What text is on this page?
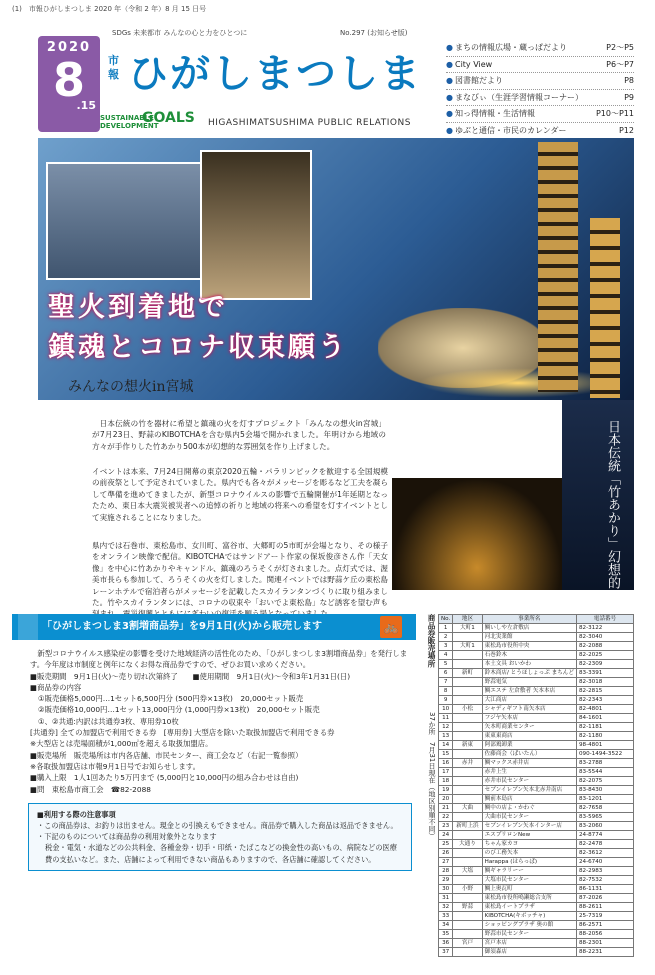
(1)　市報ひがしまつしま 2020 年（令和 2 年）8 月 15 日号
2020
8
.15
SDGs 未来都市 みんなの心と力をひとつに	No.297 (お知らせ版)
市報 ひがしまつしま
SUSTAINABLE
DEVELOPMENT
GOALS HIGASHIMATSUSHIMA PUBLIC RELATIONS
● まちの情報広場・蔵っぱだより	P2～P5
● City View	P6～P7
● 図書館だより	P8
● まなびぃ（生涯学習情報コーナー）	P9
● 知っ得情報・生活情報	P10～P11
● ゆぶと通信・市民のカレンダー	P12
聖火到着地で
鎮魂とコロナ収束願う
みんなの想火in宮城
日本伝統「竹あかり」幻想的に

日本伝統の竹を器材に希望と鎮魂の火を灯すプロジェクト「みんなの想火in宮城」が7月23日、野蒜のKIBOTCHAを含む県内5会場で開かれました。年明けから地域の方々が手作りした竹あかり500本が幻想的な雰囲気を作り上げました。

イベントは本来、7月24日開幕の東京2020五輪・パラリンピックを歓迎する全国規模の前夜祭として予定されていました。県内でも各々がメッセージを彫るなど工夫を凝らして準備を進めてきましたが、新型コロナウイルスの影響で五輪開催が1年延期となったため、東日本大震災被災者への追悼の祈りと地域の将来への希望を灯すイベントとして実施されることになりました。

県内では石巻市、東松島市、女川町、富谷市、大郷町の5市町が会場となり、その様子をオンライン映像で配信。KIBOTCHAではサンドアート作家の保坂俊彦さん作「天女像」を中心に竹あかりやキャンドル、鎮魂のろうそくが灯されました。点灯式では、渥美市長らも参加して、ろうそくの火を灯しました。関連イベントでは野蒜ケ丘の東松島レーンホテルで宿泊者らがメッセージを記載したスカイランタンづくりに取り組みました。竹やスカイランタンには、コロナの収束や「おいでよ東松島」など誘客を望む声も

「ひがしまつしま3割増商品券」を9月1日(火)から販売します	🚲
新型コロナウイルス感染症の影響を受けた地域経済の活性化のため、「ひがしまつしま3割増商品券」を発行します。今年度は市制度と例年になくお得な商品券ですので、ぜひお買い求めください。
■販売期間　9月1日(火)～売り切れ次第終了　　■使用期間　9月1日(火)～令和3年1月31日(日)
■商品券の内容
①販売価格5,000円…1セット6,500円分 (500円券×13枚)　20,000セット販売
②販売価格10,000円…1セット13,000円分 (1,000円券×13枚)　20,000セット販売
①、②共通:内訳は共通券3枚、専用券10枚
[共通券] 全ての加盟店で利用できる券　[専用券] 大型店を除いた取扱加盟店で利用できる券
※大型店とは売場面積が1,000㎡を超える取扱加盟店。
■販売場所　販売場所は市内各店舗、市民センター、商工会など（右記一覧参照）
※各取扱加盟店は市報9月1日号でお知らせします。
■購入上限　1人1回あたり5万円まで (5,000円と10,000円の組み合わせは自由)
■問　東松島市商工会　☎82-2088
■利用する際の注意事項
・この商品券は、お釣りは出ません。現金との引換えもできません。商品券で購入した商品は返品できません。
・下記のものについては商品券の利用対象外となります
税金・電気・水道などの公共料金、各種金券・切手・印紙・たばこなどの換金性の高いもの、病院などの医療費の支払いなど。また、店舗によって利用できない商品もありますので、各店舗に確認してください。
商品券販売場所
37か所　7月31日現在（地区別順不同）
No.	地区	事業所名	電話番号
1	大町1	鯛いしや左倉敷店	82-3122
2		河北実業館	82-3040
3	大町1	東松島市役所中央	82-2088
4		石巻鈴木	82-2025
5		本土文具 おいかわ	82-2309
6	新町	鈴木商店/ とうほしょっぷ まちんど	83-3391
7		野蒜電気	82-3018
8		鯛エステ 左倉敷者 矢本本店	82-2815
9		大江商店	82-2343
10	小松	シャディギフト南矢本店	82-4801
11		フジヤ矢本店	84-1601
12		矢本町商業センター	82-1181
13		東東東商店	82-1180
14	新東	阿部鶏卸業	98-4801
15		佐藤商会（ぱいたん）	090-1494-3522
16	赤井	鯛マックス赤井店	83-2788
17		赤井上生	83-5544
18		赤井市民センター	82-2075
19		セブンイレブン矢本北赤井南店	83-8430
20		鯛前本島店	83-1201
21	大曲	鯛中の店よ・かわぐ	82-7658
22		大曲市民センター	83-5965
23	新町上浜	セブンイレブン矢本インター店	83-2060
24		エスプリロンNew	24-8774
25	大通り	ちゃん家カヨ	82-2478
26		のび工務矢本	82-3612
27		Harappa (はらっぱ)	24-6740
28	大塩	鯛ギャラリーー	82-2983
29		大塩市民センター	82-7532
30	小野	鯛上奥瓦町	86-1131
31		東松島市役所鳴瀬総合支所	87-2026
32	野蒜	東松島イートプラザ	88-2611
33		KIBOTCHA(キボッチャ)	25-7319
34		ショッピングプラザ 奥の館	86-2571
35		野蒜市民センター	88-2056
36	宮戸	宮戸本店	88-2301
37		御須森店	88-2231
